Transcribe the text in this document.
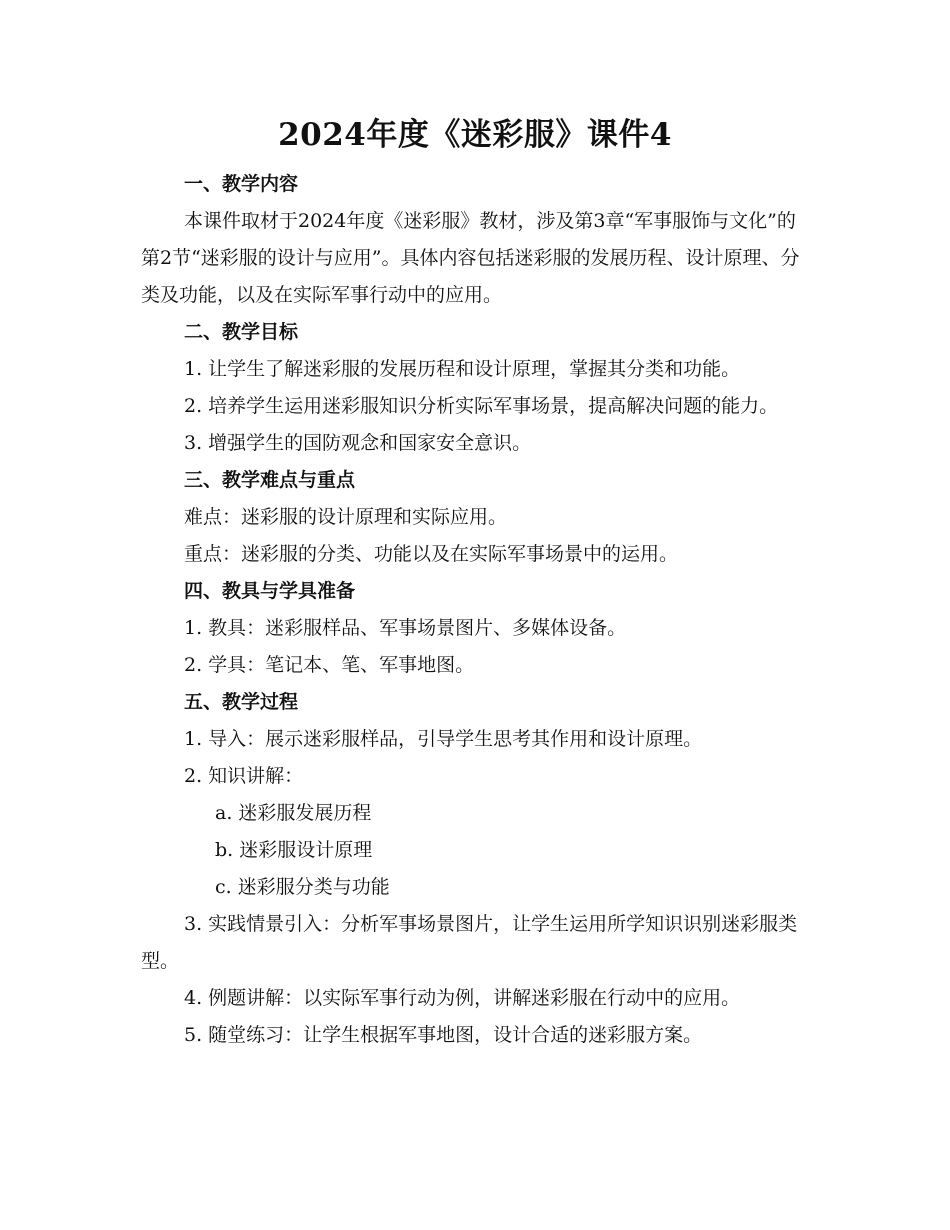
2024年度《迷彩服》课件4

一、教学内容

本课件取材于2024年度《迷彩服》教材，涉及第3章“军事服饰与文化”的第2节“迷彩服的设计与应用”。具体内容包括迷彩服的发展历程、设计原理、分类及功能，以及在实际军事行动中的应用。

二、教学目标

1. 让学生了解迷彩服的发展历程和设计原理，掌握其分类和功能。

2. 培养学生运用迷彩服知识分析实际军事场景，提高解决问题的能力。

3. 增强学生的国防观念和国家安全意识。

三、教学难点与重点

难点：迷彩服的设计原理和实际应用。

重点：迷彩服的分类、功能以及在实际军事场景中的运用。

四、教具与学具准备

1. 教具：迷彩服样品、军事场景图片、多媒体设备。

2. 学具：笔记本、笔、军事地图。

五、教学过程

1. 导入：展示迷彩服样品，引导学生思考其作用和设计原理。

2. 知识讲解：

a. 迷彩服发展历程

b. 迷彩服设计原理

c. 迷彩服分类与功能

3. 实践情景引入：分析军事场景图片，让学生运用所学知识识别迷彩服类型。

4. 例题讲解：以实际军事行动为例，讲解迷彩服在行动中的应用。

5. 随堂练习：让学生根据军事地图，设计合适的迷彩服方案。
